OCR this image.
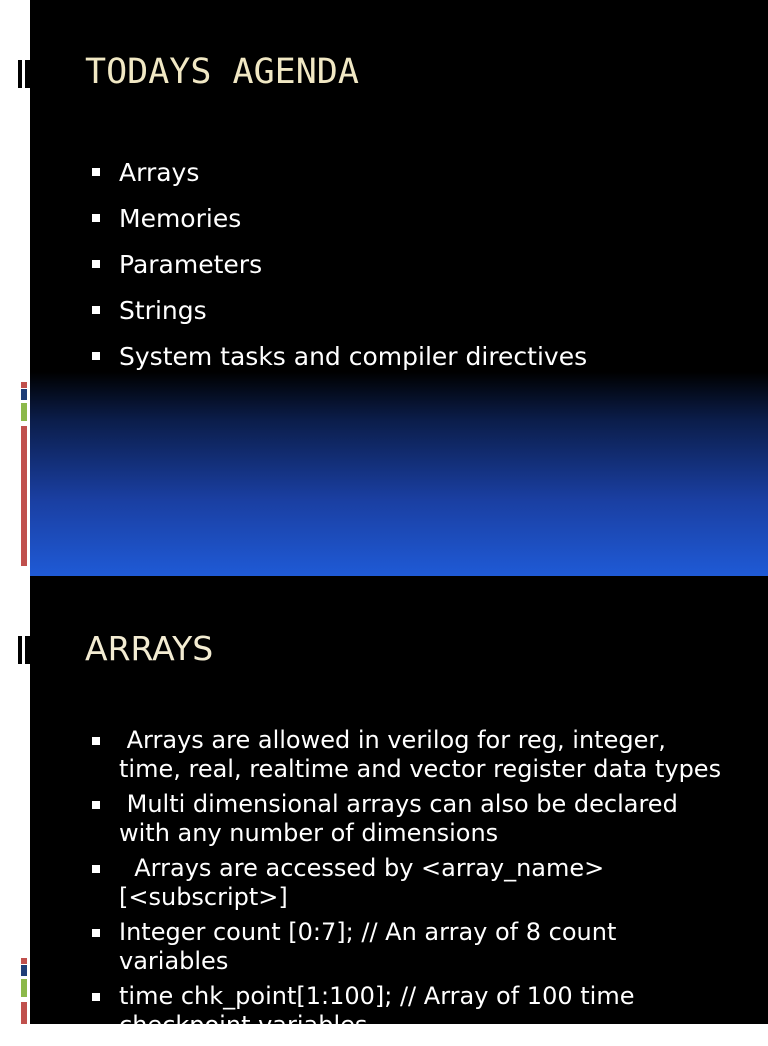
TODAYS AGENDA
Arrays
Memories
Parameters
Strings
System tasks and compiler directives
ARRAYS
Arrays are allowed in verilog for reg, integer, time, real, realtime and vector register data types
Multi dimensional arrays can also be declared with any number of dimensions
Arrays are accessed by <array_name>[<subscript>]
Integer count [0:7]; // An array of 8 count variables
time chk_point[1:100]; // Array of 100 time checkpoint variables
